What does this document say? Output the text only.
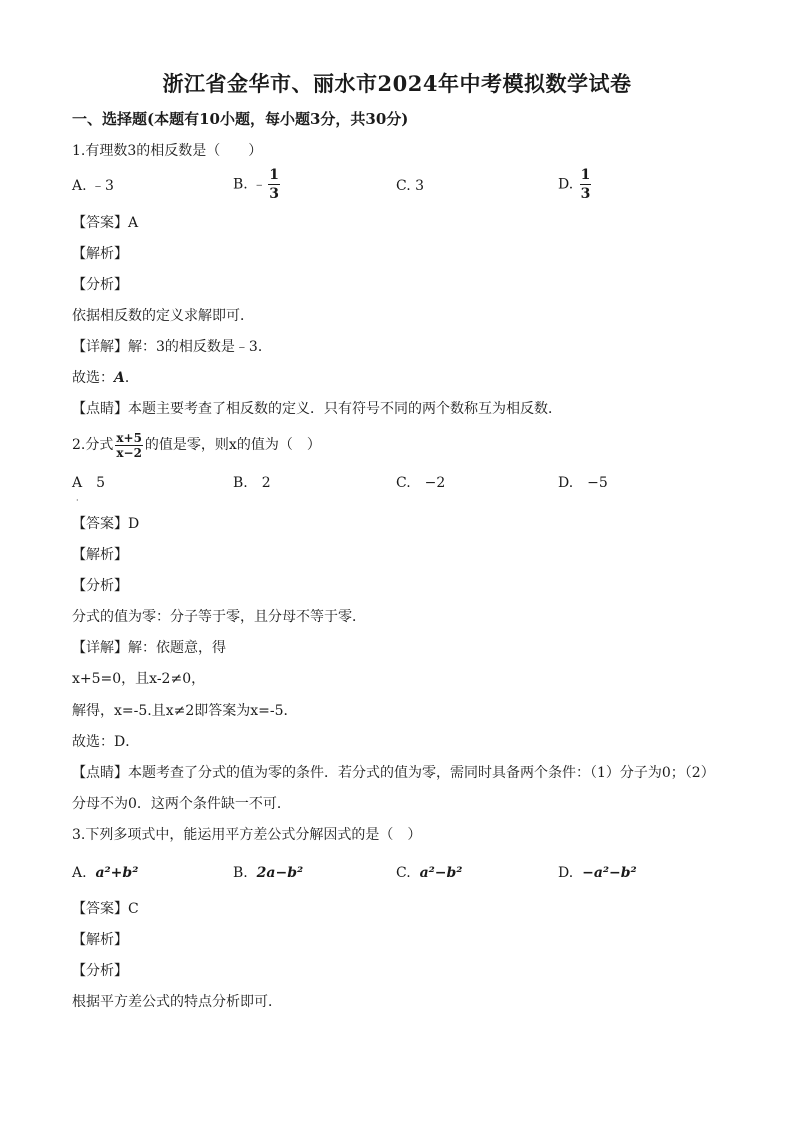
浙江省金华市、丽水市2024年中考模拟数学试卷
一、选择题(本题有10小题，每小题3分，共30分)
1.有理数3的相反数是（　　）
A. ﹣3	B. ﹣ $\frac{1}{3}$	C. 3	D. $\frac{1}{3}$
【答案】A
【解析】
【分析】
依据相反数的定义求解即可．
【详解】解：3的相反数是﹣3．
故选：A．
【点睛】本题主要考查了相反数的定义．只有符号不同的两个数称互为相反数．
2.分式 $\frac{x+5}{x-2}$ 的值是零，则x的值为（　）
A　5
·
B.　2	C.　−2	D.　−5
【答案】D
【解析】
【分析】
分式的值为零：分子等于零，且分母不等于零．
【详解】解：依题意，得
x+5=0，且x-2≠0，
解得，x=-5.且x≠2即答案为x=-5．
故选：D．
【点睛】本题考查了分式的值为零的条件．若分式的值为零，需同时具备两个条件：（1）分子为0；（2）
分母不为0．这两个条件缺一不可．
3.下列多项式中，能运用平方差公式分解因式的是（　）
A. a²+b²	B. 2a−b²	C. a²−b²	D. −a²−b²
【答案】C
【解析】
【分析】
根据平方差公式的特点分析即可．
